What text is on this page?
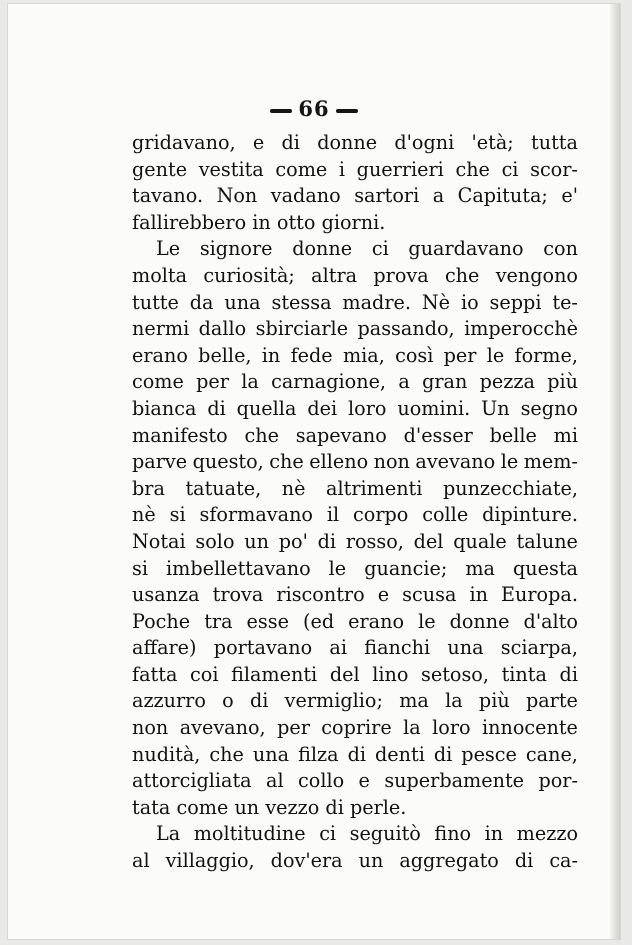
66
gridavano, e di donne d'ogni 'età; tutta
gente vestita come i guerrieri che ci scor-
tavano. Non vadano sartori a Capituta; e'
fallirebbero in otto giorni.
Le signore donne ci guardavano con
molta curiosità; altra prova che vengono
tutte da una stessa madre. Nè io seppi te-
nermi dallo sbirciarle passando, imperocchè
erano belle, in fede mia, così per le forme,
come per la carnagione, a gran pezza più
bianca di quella dei loro uomini. Un segno
manifesto che sapevano d'esser belle mi
parve questo, che elleno non avevano le mem-
bra tatuate, nè altrimenti punzecchiate,
nè si sformavano il corpo colle dipinture.
Notai solo un po' di rosso, del quale talune
si imbellettavano le guancie; ma questa
usanza trova riscontro e scusa in Europa.
Poche tra esse (ed erano le donne d'alto
affare) portavano ai fianchi una sciarpa,
fatta coi filamenti del lino setoso, tinta di
azzurro o di vermiglio; ma la più parte
non avevano, per coprire la loro innocente
nudità, che una filza di denti di pesce cane,
attorcigliata al collo e superbamente por-
tata come un vezzo di perle.
La moltitudine ci seguitò fino in mezzo
al villaggio, dov'era un aggregato di ca-
